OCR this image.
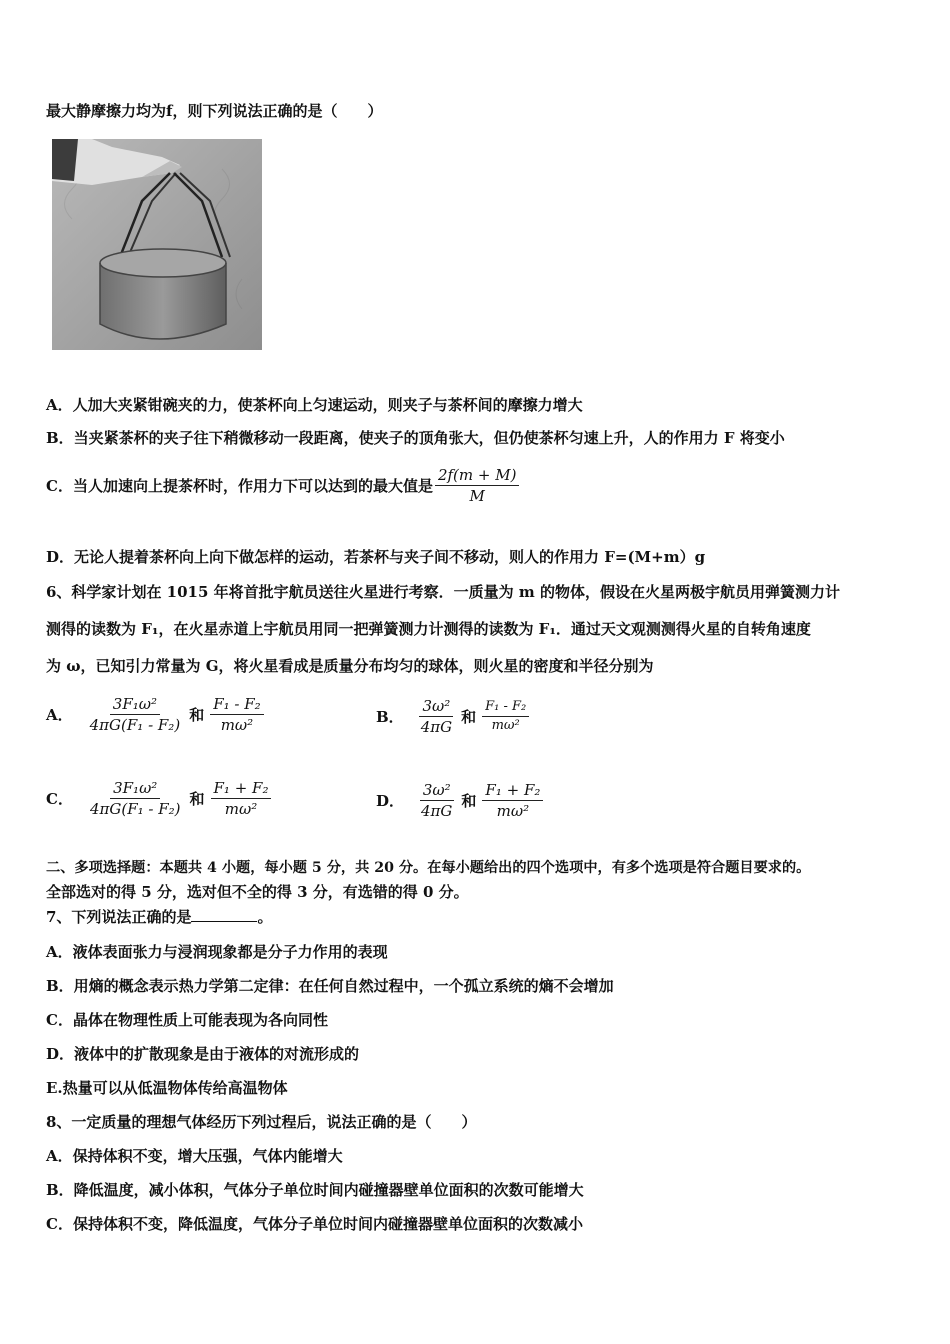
最大静摩擦力均为f，则下列说法正确的是（　　）
A．人加大夹紧钳碗夹的力，使茶杯向上匀速运动，则夹子与茶杯间的摩擦力增大
B．当夹紧茶杯的夹子往下稍微移动一段距离，使夹子的顶角张大，但仍使茶杯匀速上升，人的作用力 F 将变小
C．当人加速向上提茶杯时，作用力下可以达到的最大值是 $\frac{2f(m + M)}{M}$
D．无论人提着茶杯向上向下做怎样的运动，若茶杯与夹子间不移动，则人的作用力 F=(M+m）g
6、科学家计划在 1015 年将首批宇航员送往火星进行考察．一质量为 m 的物体，假设在火星两极宇航员用弹簧测力计
测得的读数为 F₁，在火星赤道上宇航员用同一把弹簧测力计测得的读数为 F₁．通过天文观测测得火星的自转角速度
为 ω，已知引力常量为 G，将火星看成是质量分布均匀的球体，则火星的密度和半径分别为
A． $\frac{\text{3F₁ω²}}{\text{4πG(F₁ - F₂)}}$ 和 $\frac{\text{F₁ - F₂}}{\text{mω²}}$	B． $\frac{\text{3ω²}}{4\pi G}$ 和 $\frac{\text{F₁ - F₂}}{\text{mω²}}$
C． $\frac{\text{3F₁ω²}}{\text{4πG(F₁ - F₂)}}$ 和 $\frac{\text{F₁ + F₂}}{\text{mω²}}$	D． $\frac{\text{3ω²}}{4\pi G}$ 和 $\frac{\text{F₁ + F₂}}{\text{mω²}}$
二、多项选择题：本题共 4 小题，每小题 5 分，共 20 分。在每小题给出的四个选项中，有多个选项是符合题目要求的。
全部选对的得 5 分，选对但不全的得 3 分，有选错的得 0 分。
7、下列说法正确的是	。
A．液体表面张力与浸润现象都是分子力作用的表现
B．用熵的概念表示热力学第二定律：在任何自然过程中，一个孤立系统的熵不会增加
C．晶体在物理性质上可能表现为各向同性
D．液体中的扩散现象是由于液体的对流形成的
E.热量可以从低温物体传给高温物体
8、一定质量的理想气体经历下列过程后，说法正确的是（　　）
A．保持体积不变，增大压强，气体内能增大
B．降低温度，减小体积，气体分子单位时间内碰撞器壁单位面积的次数可能增大
C．保持体积不变，降低温度，气体分子单位时间内碰撞器壁单位面积的次数减小
